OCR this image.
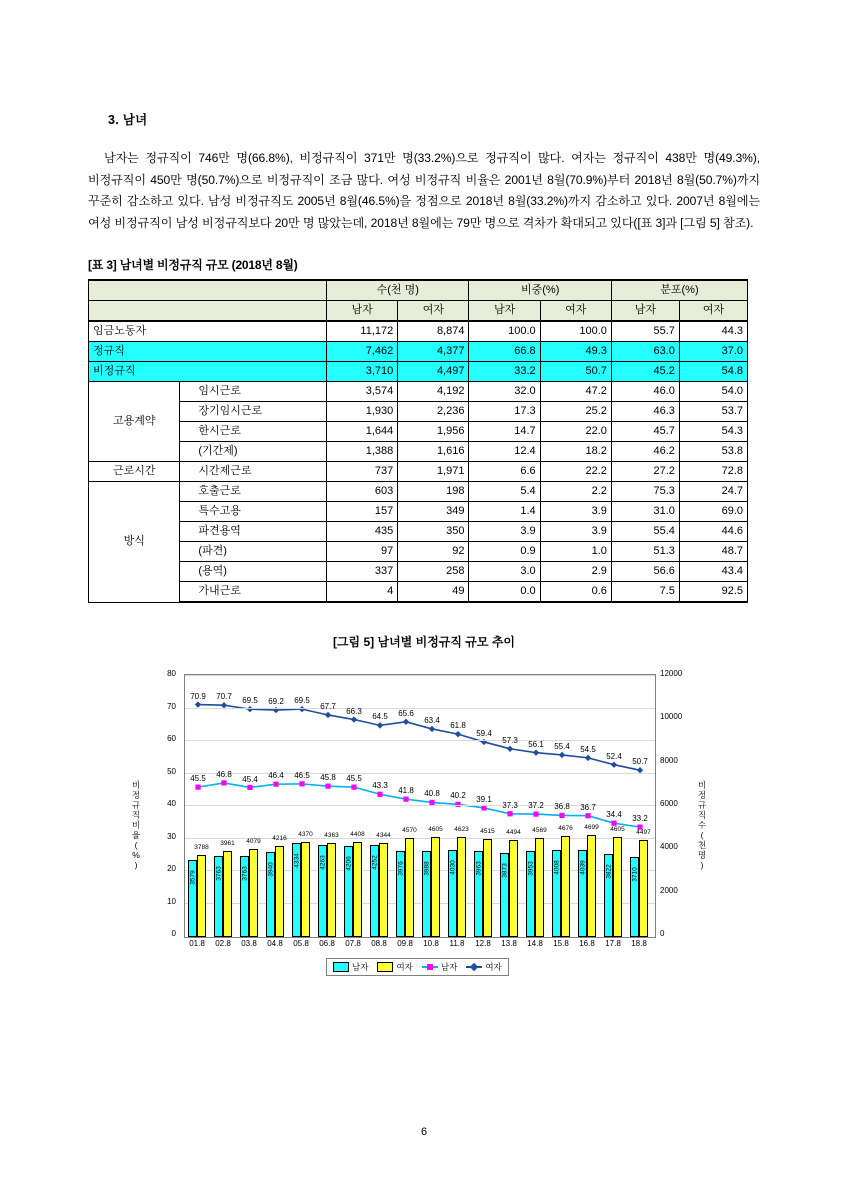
3. 남녀

남자는 정규직이 746만 명(66.8%), 비정규직이 371만 명(33.2%)으로 정규직이 많다. 여자는 정규직이 438만 명(49.3%), 비정규직이 450만 명(50.7%)으로 비정규직이 조금 많다. 여성 비정규직 비율은 2001년 8월(70.9%)부터 2018년 8월(50.7%)까지 꾸준히 감소하고 있다. 남성 비정규직도 2005년 8월(46.5%)을 정점으로 2018년 8월(33.2%)까지 감소하고 있다. 2007년 8월에는 여성 비정규직이 남성 비정규직보다 20만 명 많았는데, 2018년 8월에는 79만 명으로 격차가 확대되고 있다([표 3]과 [그림 5] 참조).

[표 3] 남녀별 비정규직 규모 (2018년 8월)
		수(천 명)		비중(%)		분포(%)	
		남자	여자	남자	여자	남자	여자
임금노동자		11,172	8,874	100.0	100.0	55.7	44.3
정규직		7,462	4,377	66.8	49.3	63.0	37.0
비정규직		3,710	4,497	33.2	50.7	45.2	54.8
고용계약	임시근로	3,574	4,192	32.0	47.2	46.0	54.0
	장기임시근로	1,930	2,236	17.3	25.2	46.3	53.7
	한시근로	1,644	1,956	14.7	22.0	45.7	54.3
	(기간제)	1,388	1,616	12.4	18.2	46.2	53.8
근로시간	시간제근로	737	1,971	6.6	22.2	27.2	72.8
방식	호출근로	603	198	5.4	2.2	75.3	24.7
	특수고용	157	349	1.4	3.9	31.0	69.0
	파견용역	435	350	3.9	3.9	55.4	44.6
	(파견)	97	92	0.9	1.0	51.3	48.7
	(용역)	337	258	3.0	2.9	56.6	43.4
	가내근로	4	49	0.0	0.6	7.5	92.5
[그림 5] 남녀별 비정규직 규모 추이
비
정
규
직
비
율
(
%
)
비
정
규
직
수
(
천
명
)
3579	3763	3763	3940
4334	4263	4206	4252	3976	3988	4030	3963	3873	3953	4008	4039	3822	3710
3788
3961	4079	4216	4370	4363	4408	4344
4570	4605	4623	4515	4494	4569	4676	4699	4605	4497
45.5	46.8
45.4	46.4	46.5	45.8	45.5
43.3
41.8	40.8	40.2	39.1
37.3	37.2	36.8	36.7
34.4	33.2
70.9	70.7	69.5	69.2	69.5
67.7
66.3
64.5	65.6
63.4
61.8
59.4
57.3	56.1	55.4	54.5
52.4
50.7
남자	여자	남자	여자
0
10
20
30
40
50
60
70
80
0
2000
4000
6000
8000
10000
12000
01.8	02.8	03.8	04.8	05.8	06.8	07.8	08.8	09.8	10.8	11.8	12.8	13.8	14.8	15.8	16.8	17.8	18.8
6
